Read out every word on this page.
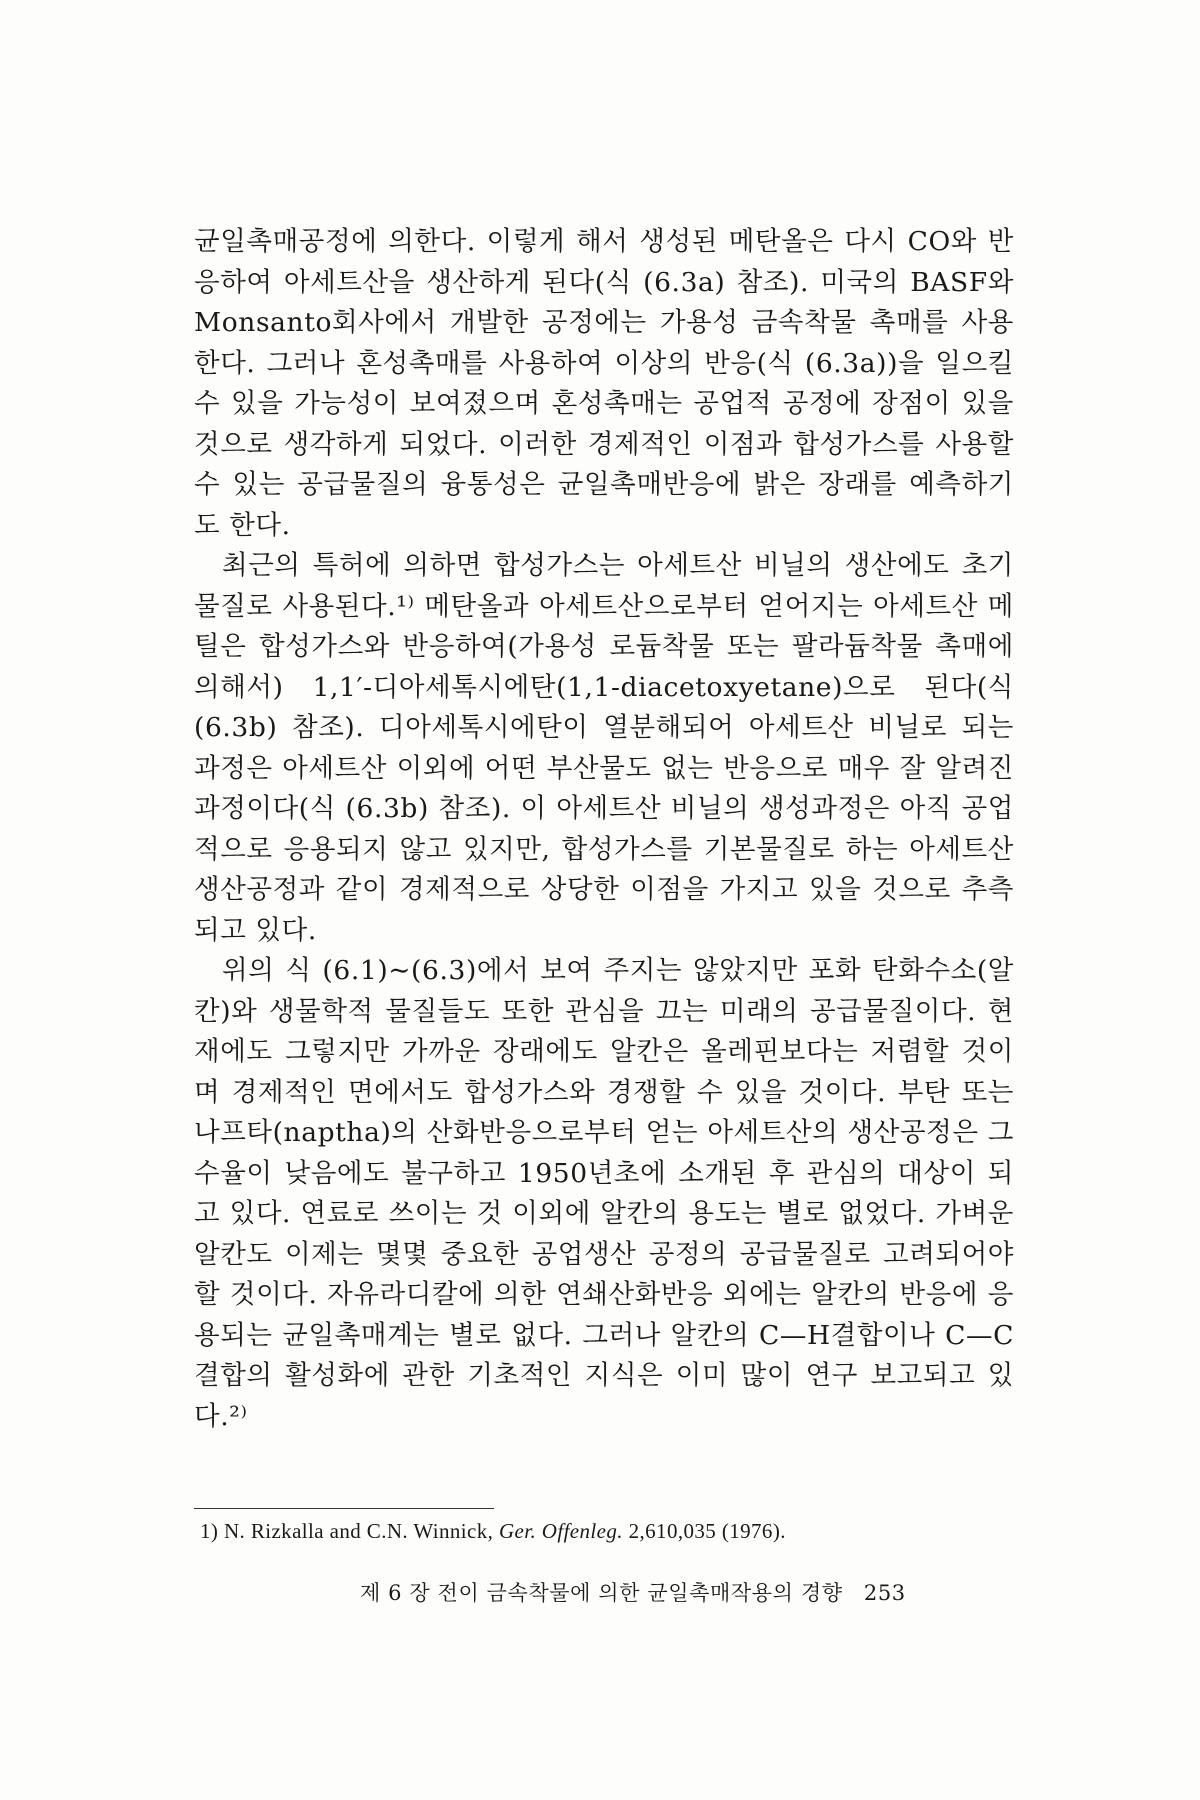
균일촉매공정에 의한다. 이렇게 해서 생성된 메탄올은 다시 CO와 반응하여 아세트산을 생산하게 된다(식 (6.3a) 참조). 미국의 BASF와 Monsanto회사에서 개발한 공정에는 가용성 금속착물 촉매를 사용한다. 그러나 혼성촉매를 사용하여 이상의 반응(식 (6.3a))을 일으킬 수 있을 가능성이 보여졌으며 혼성촉매는 공업적 공정에 장점이 있을 것으로 생각하게 되었다. 이러한 경제적인 이점과 합성가스를 사용할 수 있는 공급물질의 융통성은 균일촉매반응에 밝은 장래를 예측하기도 한다.

최근의 특허에 의하면 합성가스는 아세트산 비닐의 생산에도 초기물질로 사용된다.¹⁾ 메탄올과 아세트산으로부터 얻어지는 아세트산 메틸은 합성가스와 반응하여(가용성 로듐착물 또는 팔라듐착물 촉매에 의해서) 1,1′-디아세톡시에탄(1,1-diacetoxyetane)으로 된다(식 (6.3b) 참조). 디아세톡시에탄이 열분해되어 아세트산 비닐로 되는 과정은 아세트산 이외에 어떤 부산물도 없는 반응으로 매우 잘 알려진 과정이다(식 (6.3b) 참조). 이 아세트산 비닐의 생성과정은 아직 공업적으로 응용되지 않고 있지만, 합성가스를 기본물질로 하는 아세트산 생산공정과 같이 경제적으로 상당한 이점을 가지고 있을 것으로 추측되고 있다.

위의 식 (6.1)∼(6.3)에서 보여 주지는 않았지만 포화 탄화수소(알칸)와 생물학적 물질들도 또한 관심을 끄는 미래의 공급물질이다. 현재에도 그렇지만 가까운 장래에도 알칸은 올레핀보다는 저렴할 것이며 경제적인 면에서도 합성가스와 경쟁할 수 있을 것이다. 부탄 또는 나프타(naptha)의 산화반응으로부터 얻는 아세트산의 생산공정은 그 수율이 낮음에도 불구하고 1950년초에 소개된 후 관심의 대상이 되고 있다. 연료로 쓰이는 것 이외에 알칸의 용도는 별로 없었다. 가벼운 알칸도 이제는 몇몇 중요한 공업생산 공정의 공급물질로 고려되어야 할 것이다. 자유라디칼에 의한 연쇄산화반응 외에는 알칸의 반응에 응용되는 균일촉매계는 별로 없다. 그러나 알칸의 C—H결합이나 C—C결합의 활성화에 관한 기초적인 지식은 이미 많이 연구 보고되고 있다.²⁾

1) N. Rizkalla and C.N. Winnick, Ger. Offenleg. 2,610,035 (1976).
제 6 장 전이 금속착물에 의한 균일촉매작용의 경향 253
